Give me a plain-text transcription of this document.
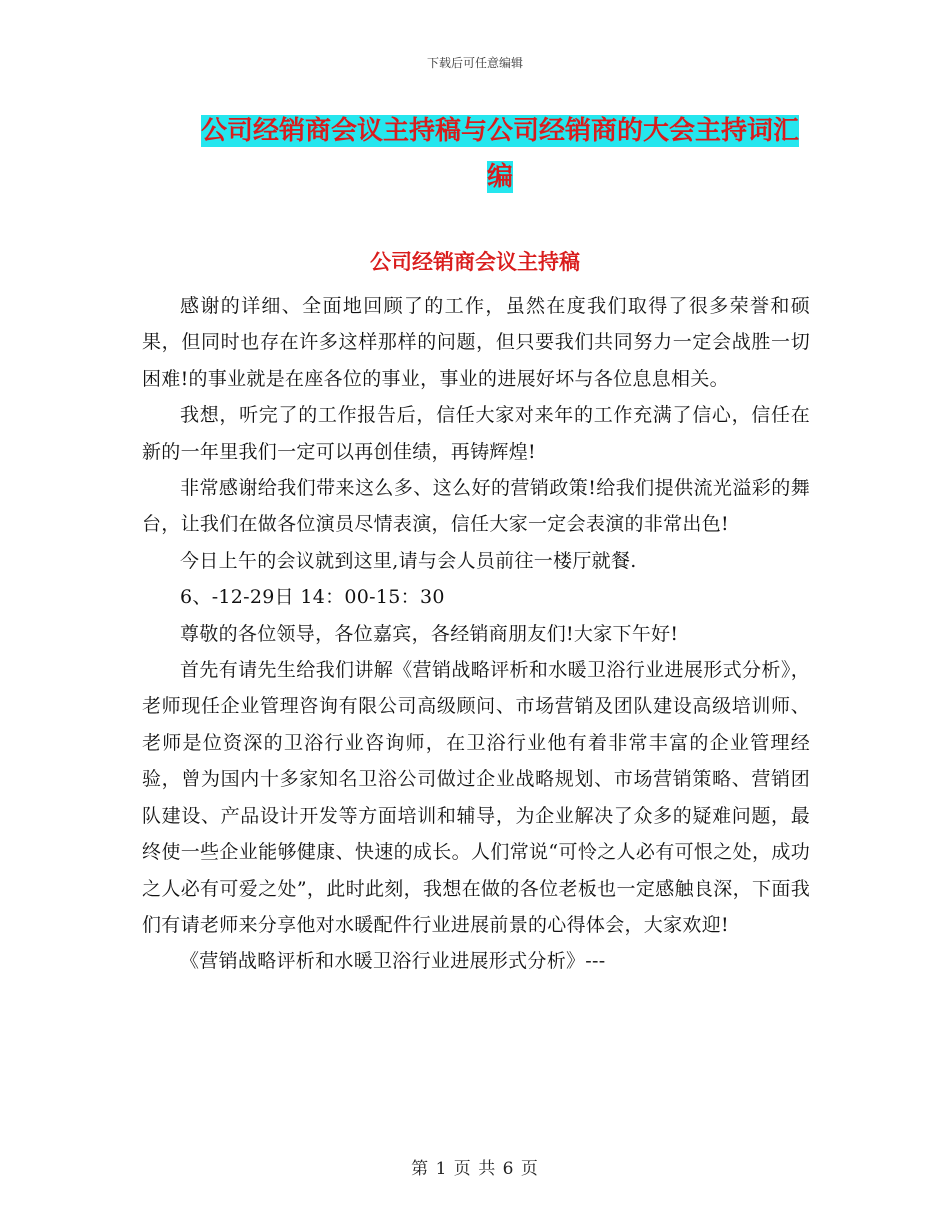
下载后可任意编辑
公司经销商会议主持稿与公司经销商的大会主持词汇编
公司经销商会议主持稿

感谢的详细、全面地回顾了的工作，虽然在度我们取得了很多荣誉和硕果，但同时也存在许多这样那样的问题，但只要我们共同努力一定会战胜一切困难!的事业就是在座各位的事业，事业的进展好坏与各位息息相关。

我想，听完了的工作报告后，信任大家对来年的工作充满了信心，信任在新的一年里我们一定可以再创佳绩，再铸辉煌!

非常感谢给我们带来这么多、这么好的营销政策!给我们提供流光溢彩的舞台，让我们在做各位演员尽情表演，信任大家一定会表演的非常出色!

今日上午的会议就到这里,请与会人员前往一楼厅就餐.

6、-12-29日 14：00-15：30

尊敬的各位领导，各位嘉宾，各经销商朋友们!大家下午好!

首先有请先生给我们讲解《营销战略评析和水暖卫浴行业进展形式分析》，老师现任企业管理咨询有限公司高级顾问、市场营销及团队建设高级培训师、老师是位资深的卫浴行业咨询师，在卫浴行业他有着非常丰富的企业管理经验，曾为国内十多家知名卫浴公司做过企业战略规划、市场营销策略、营销团队建设、产品设计开发等方面培训和辅导，为企业解决了众多的疑难问题，最终使一些企业能够健康、快速的成长。人们常说“可怜之人必有可恨之处，成功之人必有可爱之处”，此时此刻，我想在做的各位老板也一定感触良深，下面我们有请老师来分享他对水暖配件行业进展前景的心得体会，大家欢迎!

《营销战略评析和水暖卫浴行业进展形式分析》---

第 1 页 共 6 页
